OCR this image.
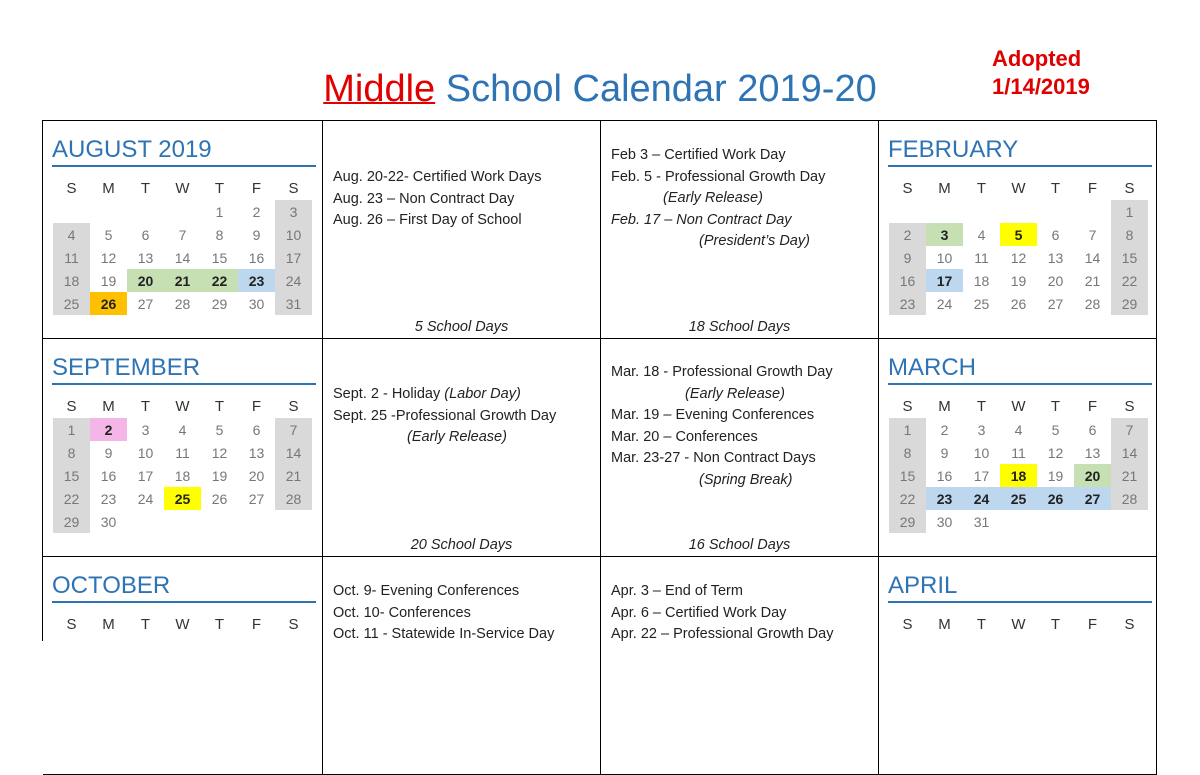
Middle School Calendar 2019-20
Adopted
1/14/2019
AUGUST 2019
S	M	T	W	T	F	S
				1	2	3
4	5	6	7	8	9	10
11	12	13	14	15	16	17
18	19	20	21	22	23	24
25	26	27	28	29	30	31
Aug. 20-22- Certified Work Days
Aug. 23 – Non Contract Day
Aug. 26 – First Day of School
5 School Days
Feb 3 – Certified Work Day
Feb. 5 - Professional Growth Day
(Early Release)
Feb. 17 – Non Contract Day
(President’s Day)
18 School Days
FEBRUARY
S	M	T	W	T	F	S
						1
2	3	4	5	6	7	8
9	10	11	12	13	14	15
16	17	18	19	20	21	22
23	24	25	26	27	28	29
SEPTEMBER
S	M	T	W	T	F	S
1	2	3	4	5	6	7
8	9	10	11	12	13	14
15	16	17	18	19	20	21
22	23	24	25	26	27	28
29	30					
Sept. 2 - Holiday (Labor Day)
Sept. 25 -Professional Growth Day
(Early Release)
20 School Days
Mar. 18 - Professional Growth Day
(Early Release)
Mar. 19 – Evening Conferences
Mar. 20 – Conferences
Mar. 23-27 - Non Contract Days
(Spring Break)
16 School Days
MARCH
S	M	T	W	T	F	S
1	2	3	4	5	6	7
8	9	10	11	12	13	14
15	16	17	18	19	20	21
22	23	24	25	26	27	28
29	30	31				
OCTOBER
S	M	T	W	T	F	S
Oct. 9- Evening Conferences
Oct. 10- Conferences
Oct. 11 - Statewide In-Service Day
Apr. 3 – End of Term
Apr. 6 – Certified Work Day
Apr. 22 – Professional Growth Day
APRIL
S	M	T	W	T	F	S
